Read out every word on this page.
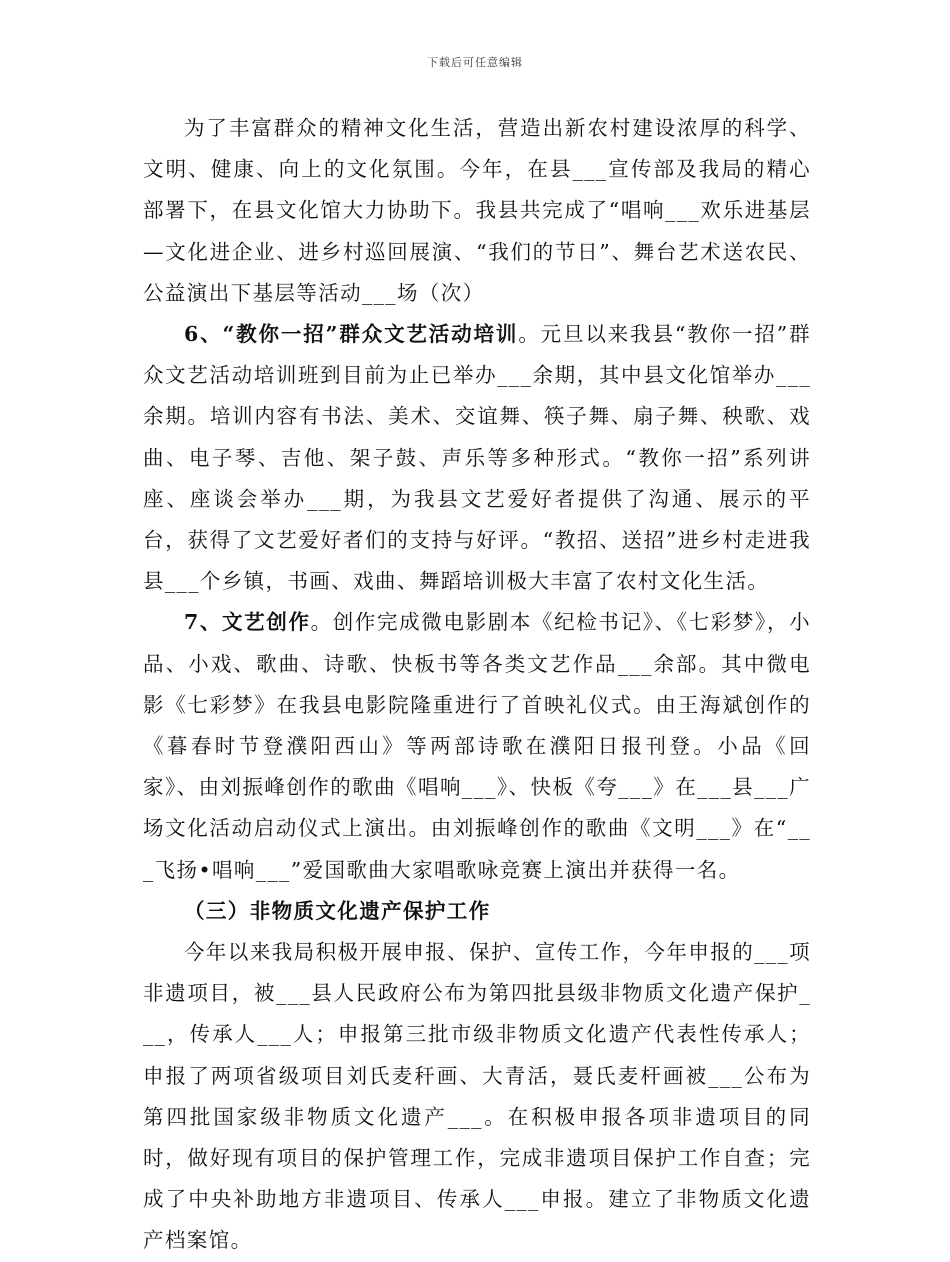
下载后可任意编辑

为了丰富群众的精神文化生活，营造出新农村建设浓厚的科学、文明、健康、向上的文化氛围。今年，在县___宣传部及我局的精心部署下，在县文化馆大力协助下。我县共完成了“唱响___欢乐进基层—文化进企业、进乡村巡回展演、“我们的节日”、舞台艺术送农民、公益演出下基层等活动___场（次）

6、“教你一招”群众文艺活动培训。元旦以来我县“教你一招”群众文艺活动培训班到目前为止已举办___余期，其中县文化馆举办___余期。培训内容有书法、美术、交谊舞、筷子舞、扇子舞、秧歌、戏曲、电子琴、吉他、架子鼓、声乐等多种形式。“教你一招”系列讲座、座谈会举办___期，为我县文艺爱好者提供了沟通、展示的平台，获得了文艺爱好者们的支持与好评。“教招、送招”进乡村走进我县___个乡镇，书画、戏曲、舞蹈培训极大丰富了农村文化生活。

7、文艺创作。创作完成微电影剧本《纪检书记》、《七彩梦》，小品、小戏、歌曲、诗歌、快板书等各类文艺作品___余部。其中微电影《七彩梦》在我县电影院隆重进行了首映礼仪式。由王海斌创作的《暮春时节登濮阳西山》等两部诗歌在濮阳日报刊登。小品《回家》、由刘振峰创作的歌曲《唱响___》、快板《夸___》在___县___广场文化活动启动仪式上演出。由刘振峰创作的歌曲《文明___》在“___飞扬•唱响___”爱国歌曲大家唱歌咏竞赛上演出并获得一名。

（三）非物质文化遗产保护工作

今年以来我局积极开展申报、保护、宣传工作，今年申报的___项非遗项目，被___县人民政府公布为第四批县级非物质文化遗产保护___，传承人___人；申报第三批市级非物质文化遗产代表性传承人；申报了两项省级项目刘氏麦秆画、大青活，聂氏麦杆画被___公布为第四批国家级非物质文化遗产___。在积极申报各项非遗项目的同时，做好现有项目的保护管理工作，完成非遗项目保护工作自查；完成了中央补助地方非遗项目、传承人___申报。建立了非物质文化遗产档案馆。
